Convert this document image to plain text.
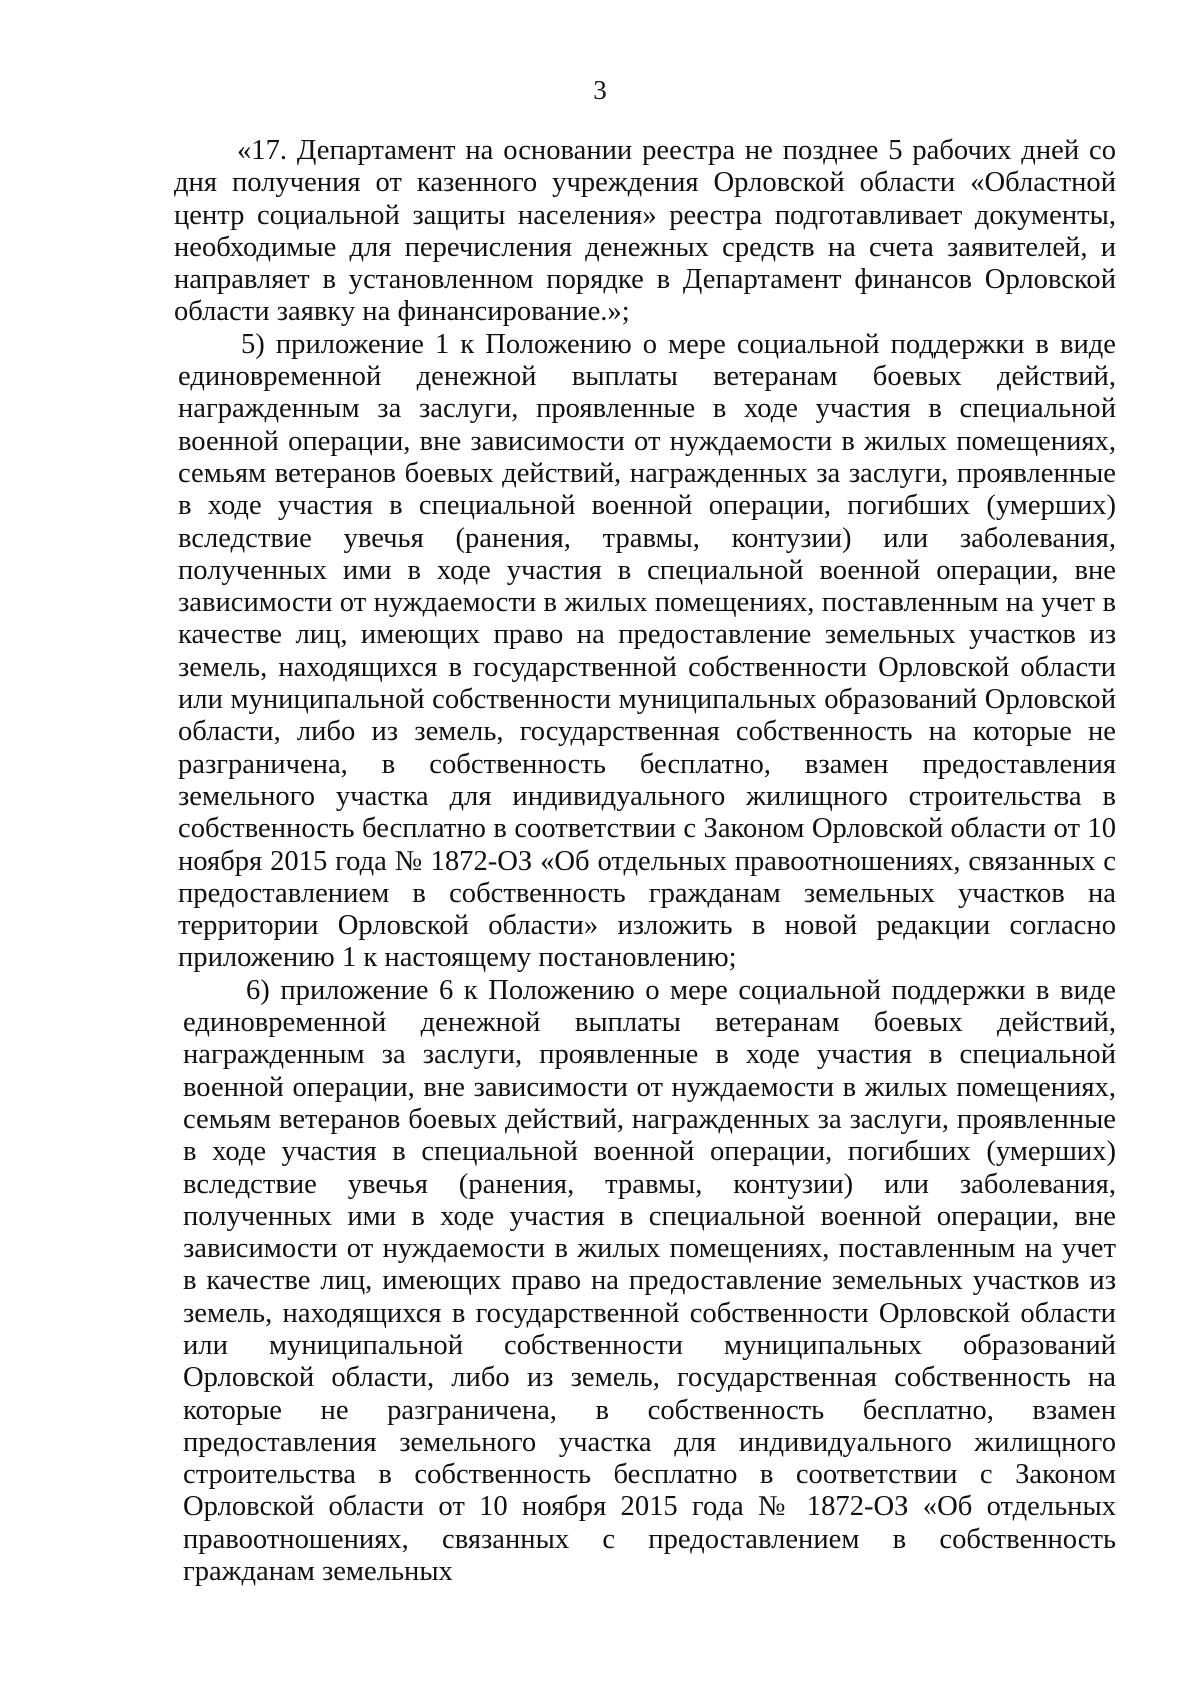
3

«17. Департамент на основании реестра не позднее 5 рабочих дней со дня получения от казенного учреждения Орловской области «Областной центр социальной защиты населения» реестра подготавливает документы, необходимые для перечисления денежных средств на счета заявителей, и направляет в установленном порядке в Департамент финансов Орловской области заявку на финансирование.»;

5) приложение 1 к Положению о мере социальной поддержки в виде единовременной денежной выплаты ветеранам боевых действий, награжденным за заслуги, проявленные в ходе участия в специальной военной операции, вне зависимости от нуждаемости в жилых помещениях, семьям ветеранов боевых действий, награжденных за заслуги, проявленные в ходе участия в специальной военной операции, погибших (умерших) вследствие увечья (ранения, травмы, контузии) или заболевания, полученных ими в ходе участия в специальной военной операции, вне зависимости от нуждаемости в жилых помещениях, поставленным на учет в качестве лиц, имеющих право на предоставление земельных участков из земель, находящихся в государственной собственности Орловской области или муниципальной собственности муниципальных образований Орловской области, либо из земель, государственная собственность на которые не разграничена, в собственность бесплатно, взамен предоставления земельного участка для индивидуального жилищного строительства в собственность бесплатно в соответствии с Законом Орловской области от 10 ноября 2015 года № 1872-ОЗ «Об отдельных правоотношениях, связанных с предоставлением в собственность гражданам земельных участков на территории Орловской области» изложить в новой редакции согласно приложению 1 к настоящему постановлению;

6) приложение 6 к Положению о мере социальной поддержки в виде единовременной денежной выплаты ветеранам боевых действий, награжденным за заслуги, проявленные в ходе участия в специальной военной операции, вне зависимости от нуждаемости в жилых помещениях, семьям ветеранов боевых действий, награжденных за заслуги, проявленные в ходе участия в специальной военной операции, погибших (умерших) вследствие увечья (ранения, травмы, контузии) или заболевания, полученных ими в ходе участия в специальной военной операции, вне зависимости от нуждаемости в жилых помещениях, поставленным на учет в качестве лиц, имеющих право на предоставление земельных участков из земель, находящихся в государственной собственности Орловской области или муниципальной собственности муниципальных образований Орловской области, либо из земель, государственная собственность на которые не разграничена, в собственность бесплатно, взамен предоставления земельного участка для индивидуального жилищного строительства в собственность бесплатно в соответствии с Законом Орловской области от 10 ноября 2015 года № 1872-ОЗ «Об отдельных правоотношениях, связанных с предоставлением в собственность гражданам земельных
